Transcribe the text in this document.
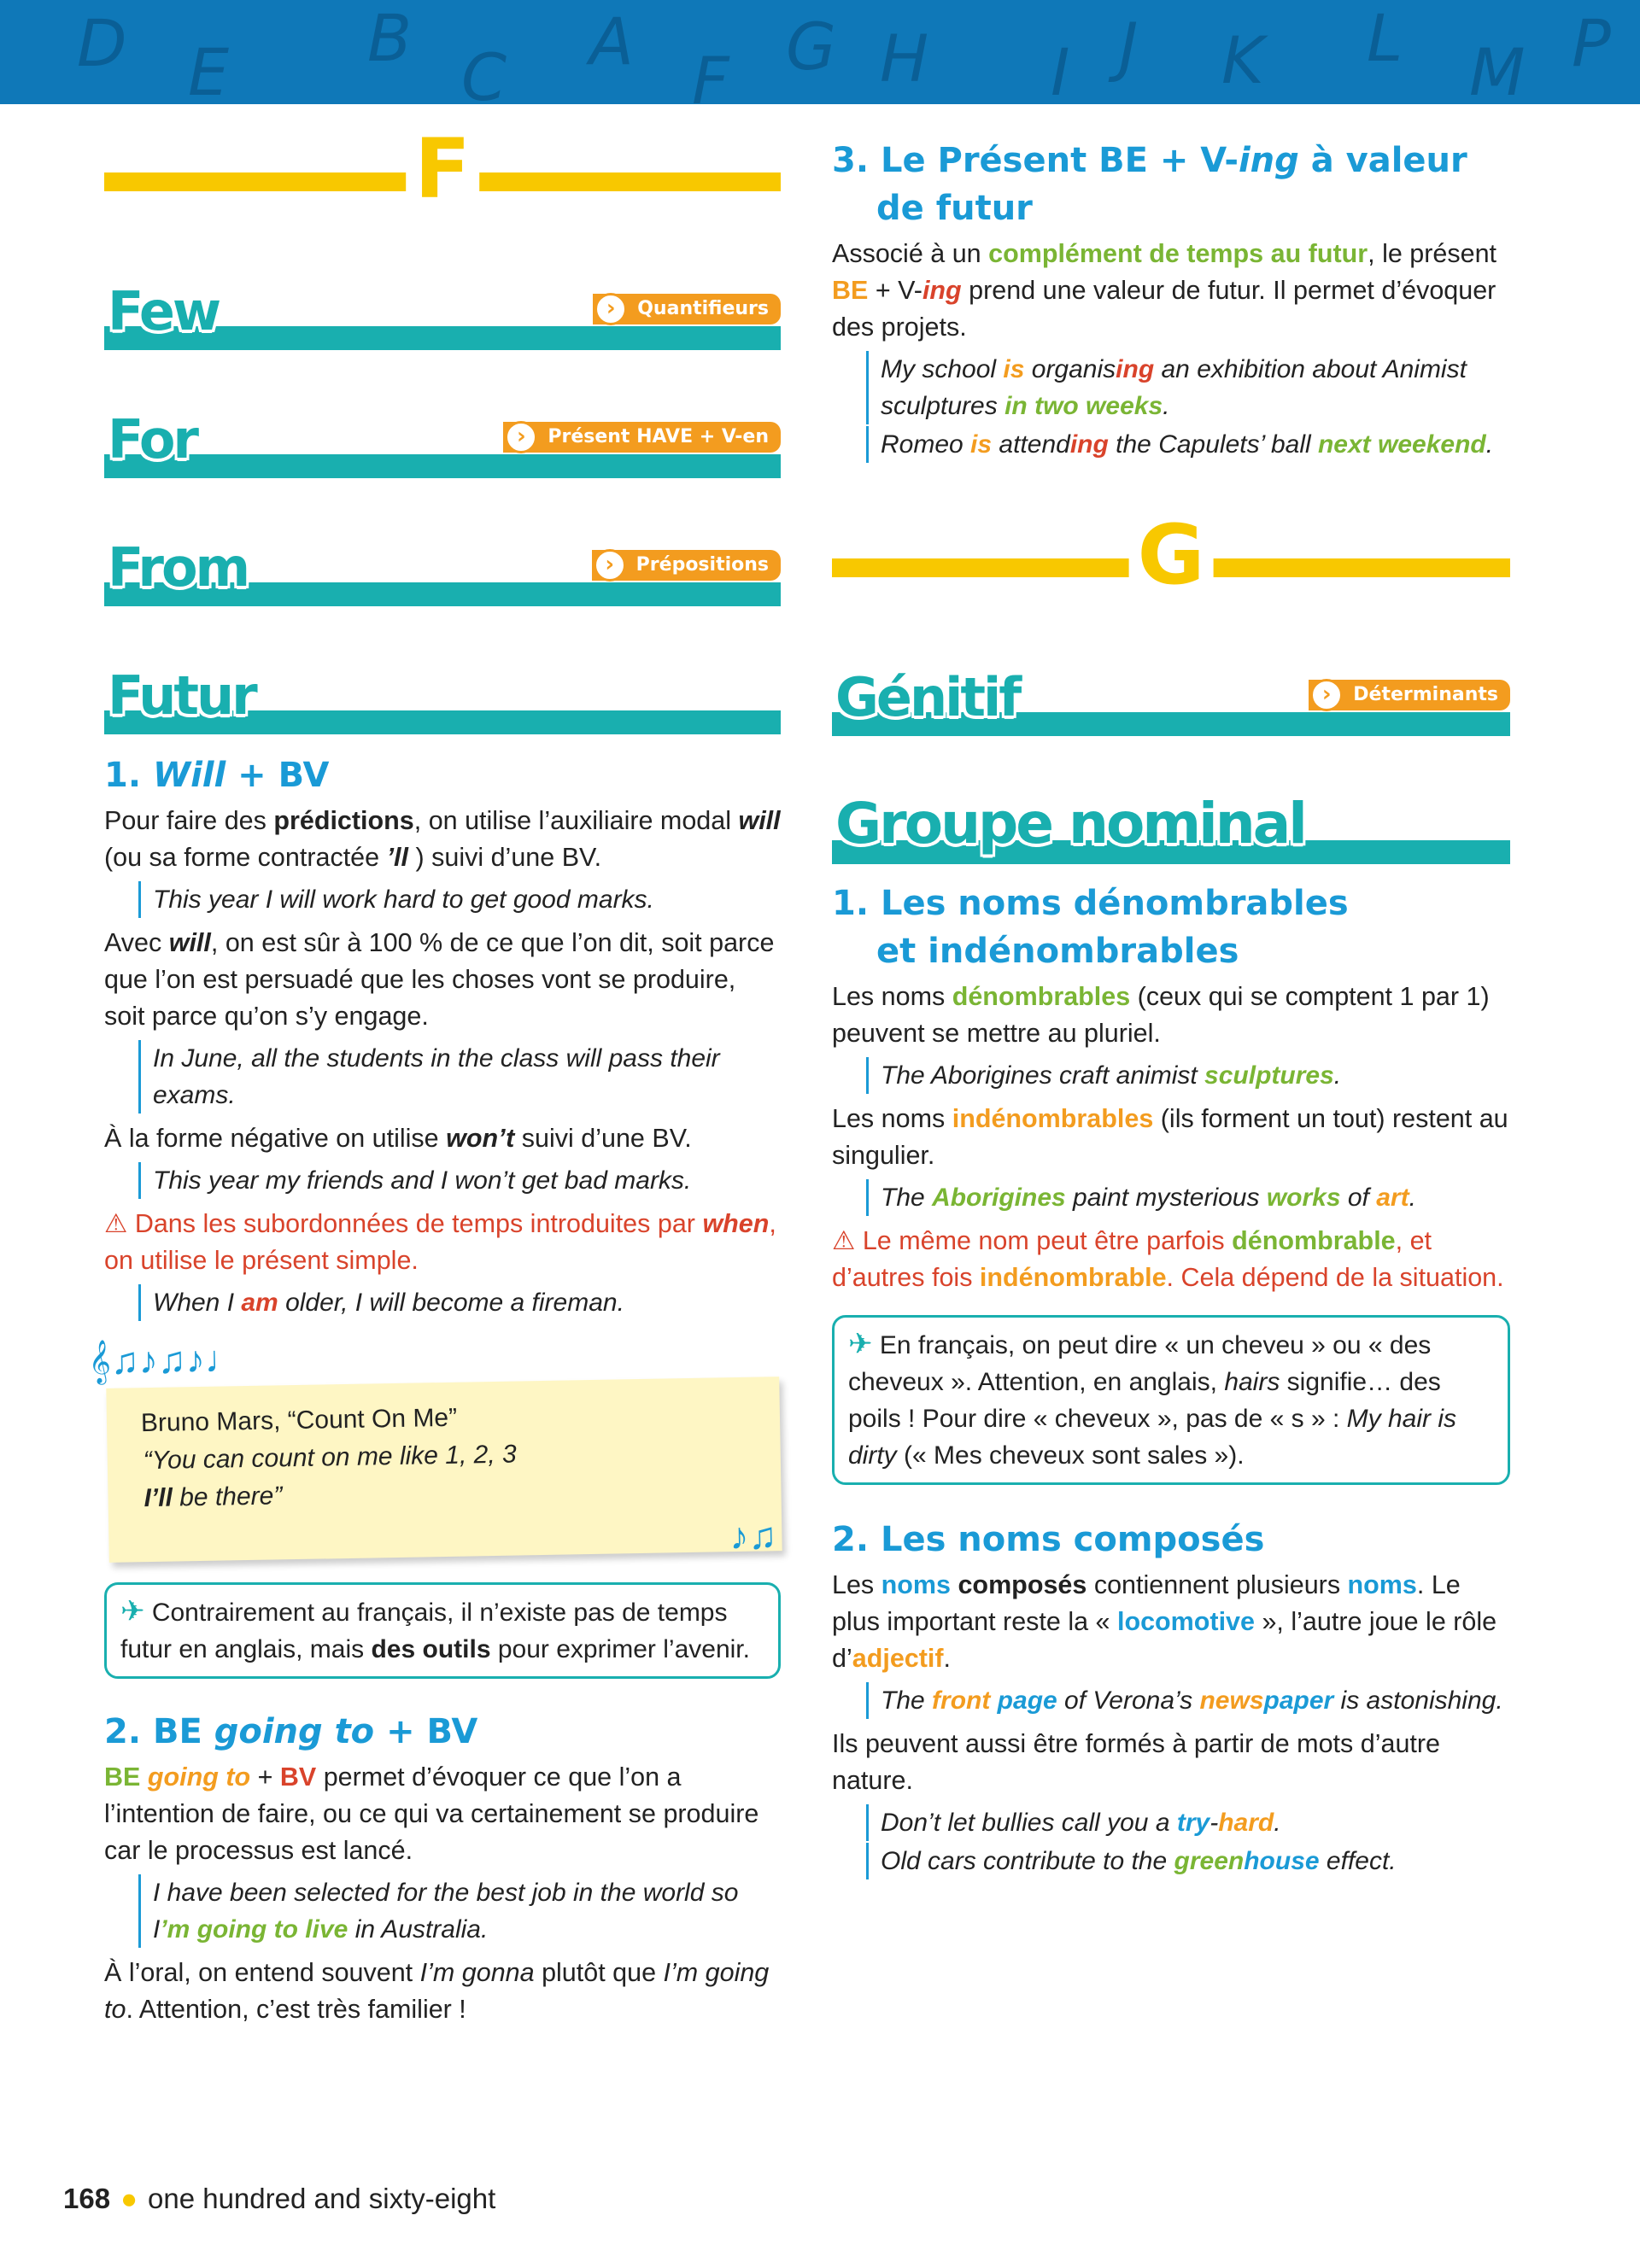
D E B
C A
F G H I J K L M P
F
Few	›	Quantifieurs
For	›	Présent HAVE + V-en
From	›	Prépositions
Futur
1. Will + BV

Pour faire des prédictions, on utilise l’auxiliaire modal will (ou sa forme contractée ’ll ) suivi d’une BV.

This year I will work hard to get good marks.

Avec will, on est sûr à 100 % de ce que l’on dit, soit parce que l’on est persuadé que les choses vont se produire, soit parce qu’on s’y engage.

In June, all the students in the class will pass their exams.

À la forme négative on utilise won’t suivi d’une BV.

This year my friends and I won’t get bad marks.
⚠ Dans les subordonnées de temps introduites par when, on utilise le présent simple.
When I am older, I will become a fireman.
𝄞♫♪♫♪♩
Bruno Mars, “Count On Me”
“You can count on me like 1, 2, 3
I’ll be there”
♪♫
✈ Contrairement au français, il n’existe pas de temps futur en anglais, mais des outils pour exprimer l’avenir.
2. BE going to + BV

BE going to + BV permet d’évoquer ce que l’on a l’intention de faire, ou ce qui va certainement se produire car le processus est lancé.

I have been selected for the best job in the world so I’m going to live in Australia.

À l’oral, on entend souvent I’m gonna plutôt que I’m going to. Attention, c’est très familier !

3. Le Présent BE + V-ing à valeur
de futur

Associé à un complément de temps au futur, le présent BE + V-ing prend une valeur de futur. Il permet d’évoquer des projets.

My school is organising an exhibition about Animist sculptures in two weeks.
Romeo is attending the Capulets’ ball next weekend.
G
Génitif	›	Déterminants
Groupe nominal
1. Les noms dénombrables
et indénombrables

Les noms dénombrables (ceux qui se comptent 1 par 1) peuvent se mettre au pluriel.

The Aborigines craft animist sculptures.

Les noms indénombrables (ils forment un tout) restent au singulier.

The Aborigines paint mysterious works of art.
⚠ Le même nom peut être parfois dénombrable, et d’autres fois indénombrable. Cela dépend de la situation.
✈ En français, on peut dire « un cheveu » ou « des cheveux ». Attention, en anglais, hairs signifie… des poils ! Pour dire « cheveux », pas de « s » : My hair is dirty (« Mes cheveux sont sales »).
2. Les noms composés

Les noms composés contiennent plusieurs noms. Le plus important reste la « locomotive », l’autre joue le rôle d’adjectif.

The front page of Verona’s newspaper is astonishing.

Ils peuvent aussi être formés à partir de mots d’autre nature.

Don’t let bullies call you a try-hard.
Old cars contribute to the greenhouse effect.
168 ● one hundred and sixty-eight
